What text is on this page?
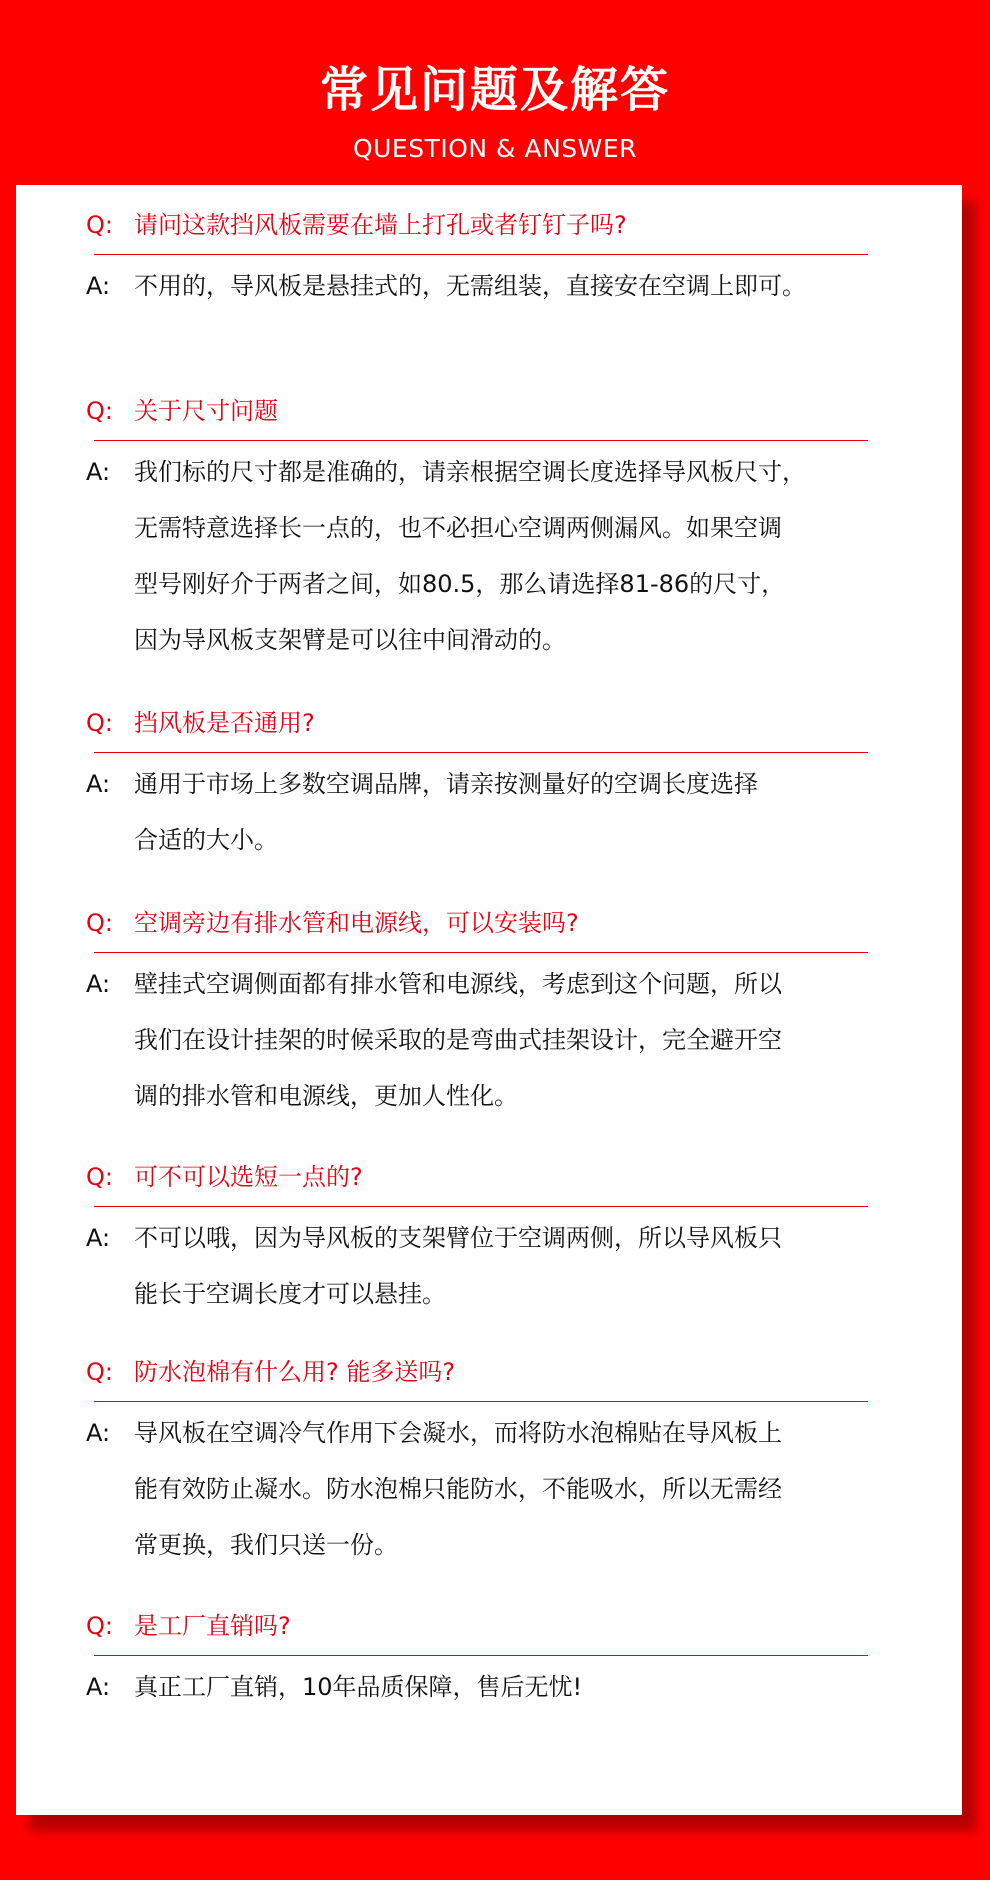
常见问题及解答
QUESTION & ANSWER
Q: 请问这款挡风板需要在墙上打孔或者钉钉子吗?
A: 不用的，导风板是悬挂式的，无需组装，直接安在空调上即可。
Q: 关于尺寸问题
A: 我们标的尺寸都是准确的，请亲根据空调长度选择导风板尺寸，
无需特意选择长一点的，也不必担心空调两侧漏风。如果空调
型号刚好介于两者之间，如80.5，那么请选择81-86的尺寸，
因为导风板支架臂是可以往中间滑动的。
Q: 挡风板是否通用?
A: 通用于市场上多数空调品牌，请亲按测量好的空调长度选择
合适的大小。
Q: 空调旁边有排水管和电源线，可以安装吗?
A: 壁挂式空调侧面都有排水管和电源线，考虑到这个问题，所以
我们在设计挂架的时候采取的是弯曲式挂架设计，完全避开空
调的排水管和电源线，更加人性化。
Q: 可不可以选短一点的?
A: 不可以哦，因为导风板的支架臂位于空调两侧，所以导风板只
能长于空调长度才可以悬挂。
Q: 防水泡棉有什么用? 能多送吗?
A: 导风板在空调冷气作用下会凝水，而将防水泡棉贴在导风板上
能有效防止凝水。防水泡棉只能防水，不能吸水，所以无需经
常更换，我们只送一份。
Q: 是工厂直销吗?
A: 真正工厂直销，10年品质保障，售后无忧!
